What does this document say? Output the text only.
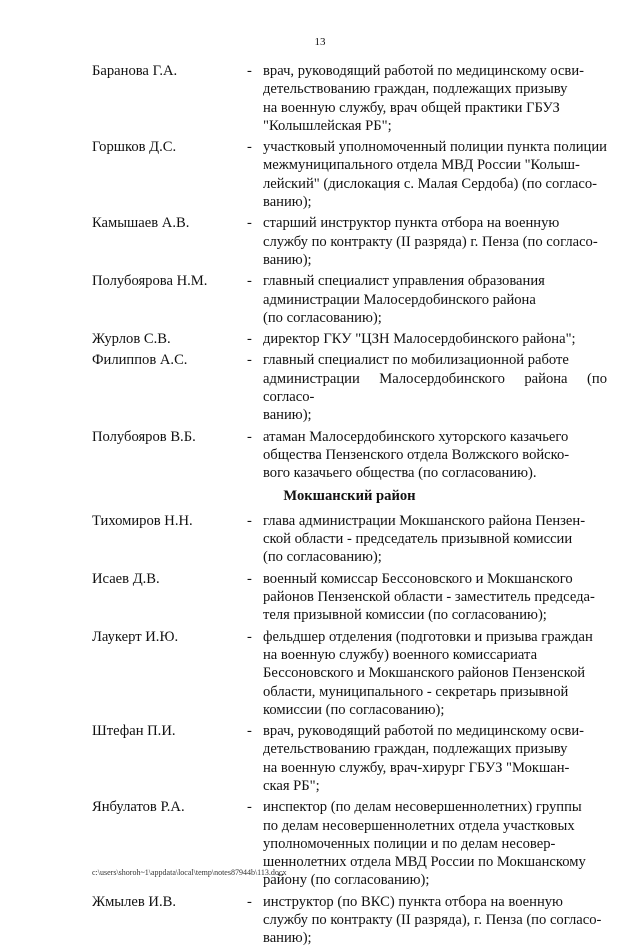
13
Баранова Г.А.	- врач, руководящий работой по медицинскому осви-
детельствованию граждан, подлежащих призыву
на военную службу, врач общей практики ГБУЗ
"Колышлейская РБ";
Горшков Д.С.	- участковый уполномоченный полиции пункта полиции
межмуниципального отдела МВД России "Колыш-
лейский" (дислокация с. Малая Сердоба) (по согласо-
ванию);
Камышаев А.В.	- старший инструктор пункта отбора на военную
службу по контракту (II разряда) г. Пенза (по согласо-
ванию);
Полубоярова Н.М.	- главный специалист управления образования
администрации Малосердобинского района
(по согласованию);
Журлов С.В.	- директор ГКУ "ЦЗН Малосердобинского района";
Филиппов А.С.	- главный специалист по мобилизационной работе
администрации Малосердобинского района (по согласо-
ванию);
Полубояров В.Б.	- атаман Малосердобинского хуторского казачьего
общества Пензенского отдела Волжского войско-
вого казачьего общества (по согласованию).
Мокшанский район
Тихомиров Н.Н.	- глава администрации Мокшанского района Пензен-
ской области - председатель призывной комиссии
(по согласованию);
Исаев Д.В.	- военный комиссар Бессоновского и Мокшанского
районов Пензенской области - заместитель председа-
теля призывной комиссии (по согласованию);
Лаукерт И.Ю.	- фельдшер отделения (подготовки и призыва граждан
на военную службу) военного комиссариата
Бессоновского и Мокшанского районов Пензенской
области, муниципального - секретарь призывной
комиссии (по согласованию);
Штефан П.И.	- врач, руководящий работой по медицинскому осви-
детельствованию граждан, подлежащих призыву
на военную службу, врач-хирург ГБУЗ "Мокшан-
ская РБ";
Янбулатов Р.А.	- инспектор (по делам несовершеннолетних) группы
по делам несовершеннолетних отдела участковых
уполномоченных полиции и по делам несовер-
шеннолетних отдела МВД России по Мокшанскому
району (по согласованию);
Жмылев И.В.	- инструктор (по ВКС) пункта отбора на военную
службу по контракту (II разряда), г. Пенза (по согласо-
ванию);
c:\users\shoroh~1\appdata\local\temp\notes87944b\113.docx
